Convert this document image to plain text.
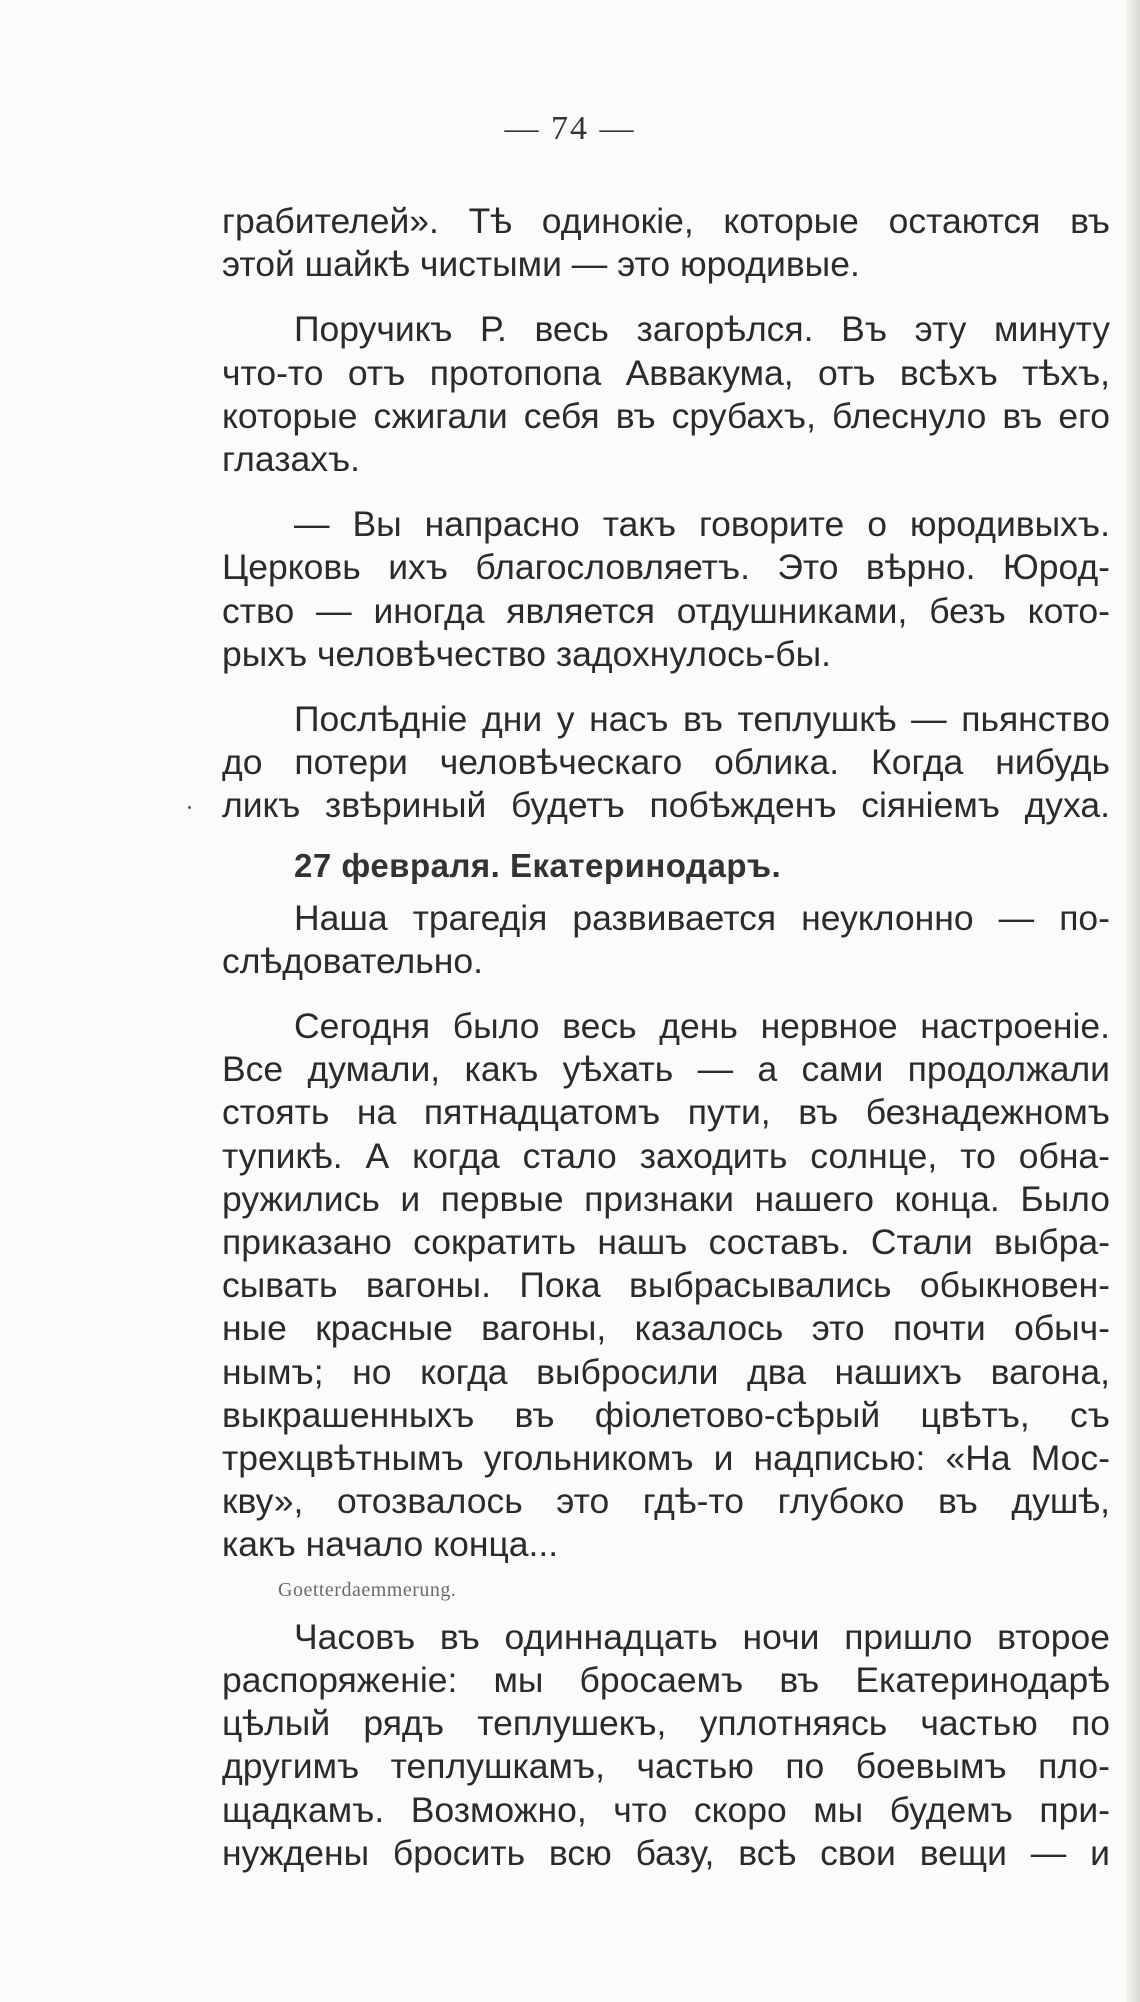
— 74 —
грабителей». Тѣ одинокіе, которые остаются въ
этой шайкѣ чистыми — это юродивые.
Поручикъ Р. весь загорѣлся. Въ эту минуту
что-то отъ протопопа Аввакума, отъ всѣхъ тѣхъ,
которые сжигали себя въ срубахъ, блеснуло въ его
глазахъ.
— Вы напрасно такъ говорите о юродивыхъ.
Церковь ихъ благословляетъ. Это вѣрно. Юрод-
ство — иногда является отдушниками, безъ кото-
рыхъ человѣчество задохнулось-бы.
Послѣдніе дни у насъ въ теплушкѣ — пьянство
до потери человѣческаго облика. Когда нибудь
ликъ звѣриный будетъ побѣжденъ сіяніемъ духа.
27 февраля. Екатеринодаръ.
Наша трагедія развивается неуклонно — по-
слѣдовательно.
Сегодня было весь день нервное настроеніе.
Все думали, какъ уѣхать — а сами продолжали
стоять на пятнадцатомъ пути, въ безнадежномъ
тупикѣ. А когда стало заходить солнце, то обна-
ружились и первые признаки нашего конца. Было
приказано сократить нашъ составъ. Стали выбра-
сывать вагоны. Пока выбрасывались обыкновен-
ные красные вагоны, казалось это почти обыч-
нымъ; но когда выбросили два нашихъ вагона,
выкрашенныхъ въ фіолетово-сѣрый цвѣтъ, съ
трехцвѣтнымъ угольникомъ и надписью: «На Мос-
кву», отозвалось это гдѣ-то глубоко въ душѣ,
какъ начало конца...
Goetterdaemmerung.
Часовъ въ одиннадцать ночи пришло второе
распоряженіе: мы бросаемъ въ Екатеринодарѣ
цѣлый рядъ теплушекъ, уплотняясь частью по
другимъ теплушкамъ, частью по боевымъ пло-
щадкамъ. Возможно, что скоро мы будемъ при-
нуждены бросить всю базу, всѣ свои вещи — и
